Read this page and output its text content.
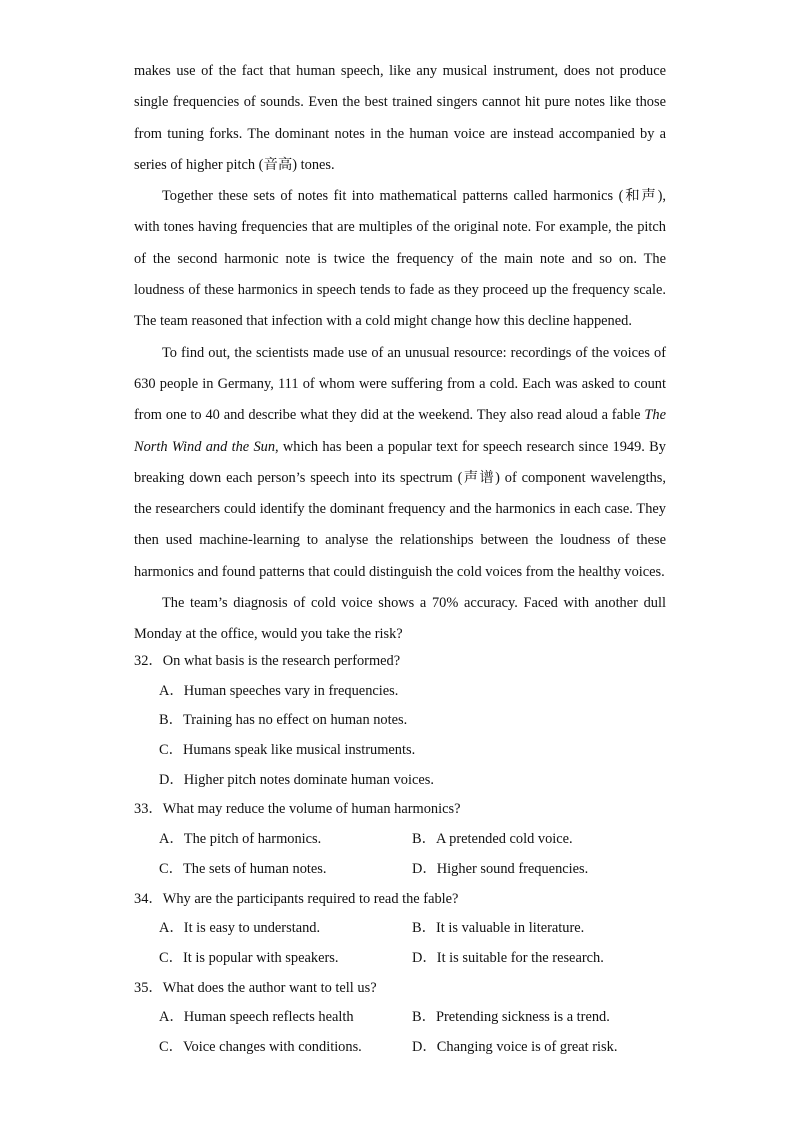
makes use of the fact that human speech, like any musical instrument, does not produce single frequencies of sounds. Even the best trained singers cannot hit pure notes like those from tuning forks. The dominant notes in the human voice are instead accompanied by a series of higher pitch (音高) tones.

Together these sets of notes fit into mathematical patterns called harmonics (和声), with tones having frequencies that are multiples of the original note. For example, the pitch of the second harmonic note is twice the frequency of the main note and so on. The loudness of these harmonics in speech tends to fade as they proceed up the frequency scale. The team reasoned that infection with a cold might change how this decline happened.

To find out, the scientists made use of an unusual resource: recordings of the voices of 630 people in Germany, 111 of whom were suffering from a cold. Each was asked to count from one to 40 and describe what they did at the weekend. They also read aloud a fable The North Wind and the Sun, which has been a popular text for speech research since 1949. By breaking down each person’s speech into its spectrum (声谱) of component wavelengths, the researchers could identify the dominant frequency and the harmonics in each case. They then used machine-learning to analyse the relationships between the loudness of these harmonics and found patterns that could distinguish the cold voices from the healthy voices.

The team’s diagnosis of cold voice shows a 70% accuracy. Faced with another dull Monday at the office, would you take the risk?

32．On what basis is the research performed?
A．Human speeches vary in frequencies.
B．Training has no effect on human notes.
C．Humans speak like musical instruments.
D．Higher pitch notes dominate human voices.
33．What may reduce the volume of human harmonics?
A．The pitch of harmonics.	B．A pretended cold voice.
C．The sets of human notes.	D．Higher sound frequencies.
34．Why are the participants required to read the fable?
A．It is easy to understand.	B．It is valuable in literature.
C．It is popular with speakers.	D．It is suitable for the research.
35．What does the author want to tell us?
A．Human speech reflects health	B．Pretending sickness is a trend.
C．Voice changes with conditions.	D．Changing voice is of great risk.
